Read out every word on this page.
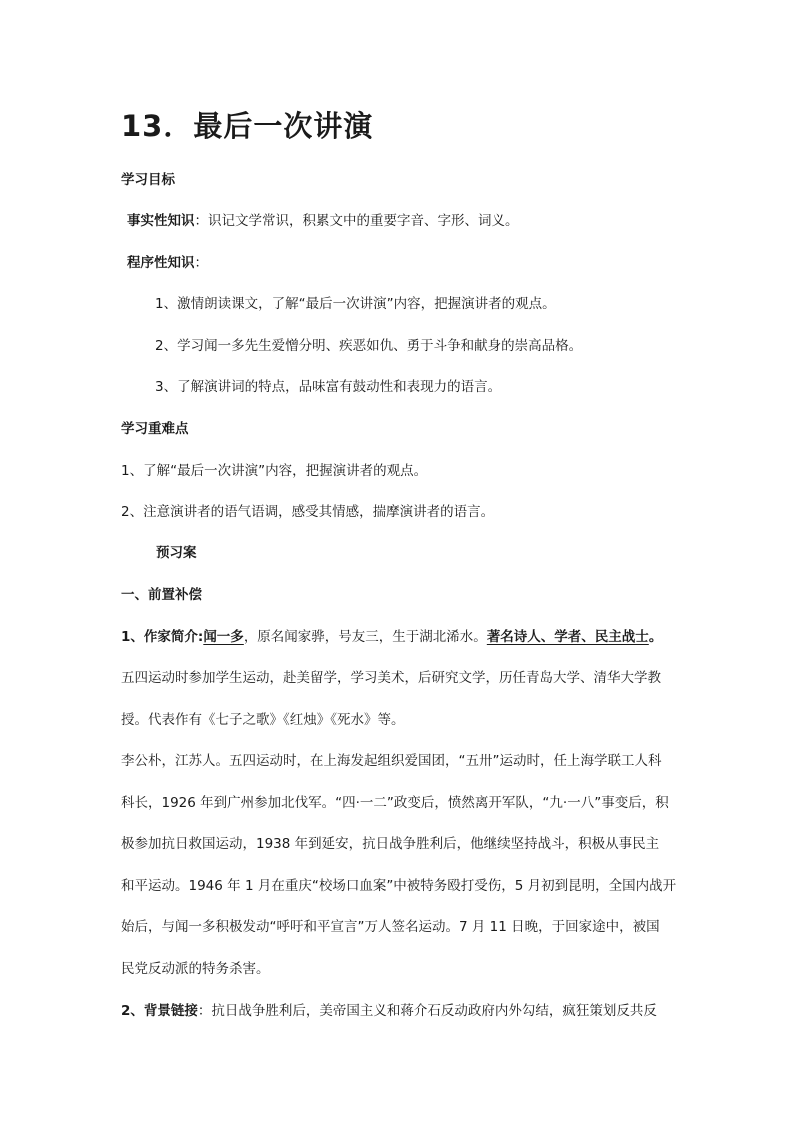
13．最后一次讲演

学习目标

事实性知识：识记文学常识，积累文中的重要字音、字形、词义。

程序性知识：

1、激情朗读课文，了解“最后一次讲演”内容，把握演讲者的观点。

2、学习闻一多先生爱憎分明、疾恶如仇、勇于斗争和献身的崇高品格。

3、了解演讲词的特点，品味富有鼓动性和表现力的语言。

学习重难点

1、了解“最后一次讲演”内容，把握演讲者的观点。

2、注意演讲者的语气语调，感受其情感，揣摩演讲者的语言。

预习案

一、前置补偿

1、作家简介:闻一多，原名闻家骅，号友三，生于湖北浠水。著名诗人、学者、民主战士。

五四运动时参加学生运动，赴美留学，学习美术，后研究文学，历任青岛大学、清华大学教

授。代表作有《七子之歌》《红烛》《死水》等。

李公朴，江苏人。五四运动时，在上海发起组织爱国团，“五卅”运动时，任上海学联工人科

科长，1926 年到广州参加北伐军。“四·一二”政变后，愤然离开军队，“九·一八”事变后，积

极参加抗日救国运动，1938 年到延安，抗日战争胜利后，他继续坚持战斗，积极从事民主

和平运动。1946 年 1 月在重庆“校场口血案”中被特务殴打受伤，5 月初到昆明，全国内战开

始后，与闻一多积极发动“呼吁和平宣言”万人签名运动。7 月 11 日晚，于回家途中，被国

民党反动派的特务杀害。

2、背景链接：抗日战争胜利后，美帝国主义和蒋介石反动政府内外勾结，疯狂策划反共反
